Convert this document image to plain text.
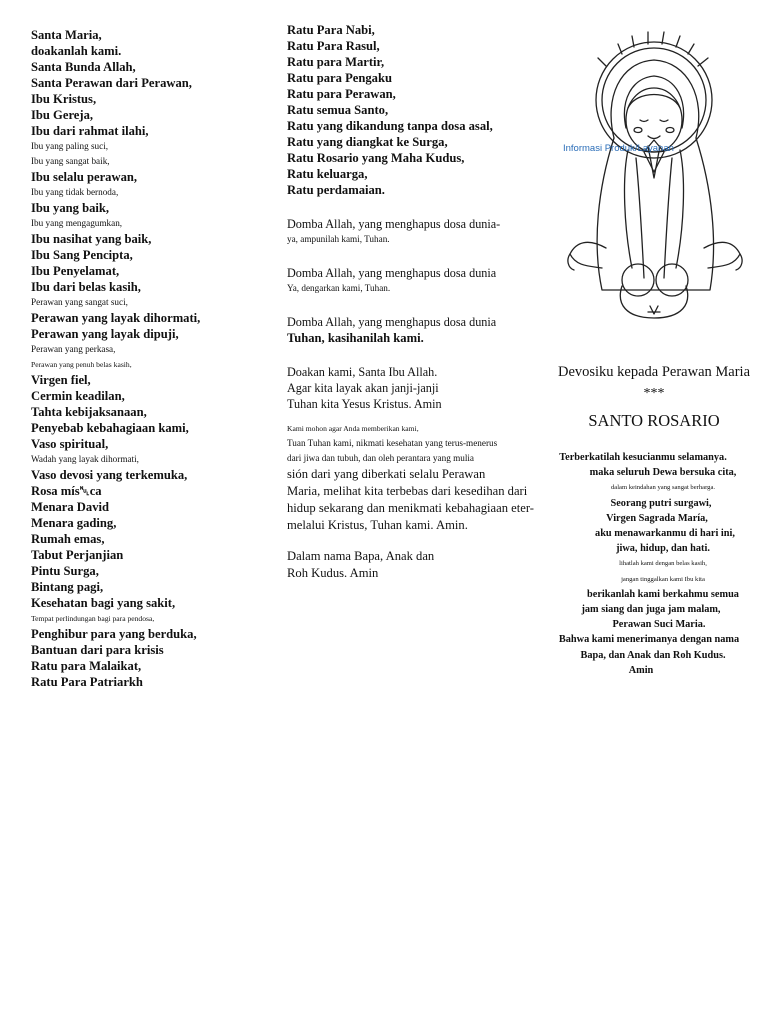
Santa Maria,
doakanlah kami.
Santa Bunda Allah,
Santa Perawan dari Perawan,
Ibu Kristus,
Ibu Gereja,
Ibu dari rahmat ilahi,
Ibu yang paling suci,
Ibu yang sangat baik,
Ibu selalu perawan,
Ibu yang tidak bernoda,
Ibu yang baik,
Ibu yang mengagumkan,
Ibu nasihat yang baik,
Ibu Sang Pencipta,
Ibu Penyelamat,
Ibu dari belas kasih,
Perawan yang sangat suci,
Perawan yang layak dihormati,
Perawan yang layak dipuji,
Perawan yang perkasa,
Perawan yang penuh belas kasih,
Virgen fiel,
Cermin keadilan,
Tahta kebijaksanaan,
Penyebab kebahagiaan kami,
Vaso spiritual,
Wadah yang layak dihormati,
Vaso devosi yang terkemuka,
Rosa mís␀ca
Menara David
Menara gading,
Rumah emas,
Tabut Perjanjian
Pintu Surga,
Bintang pagi,
Kesehatan bagi yang sakit,
Tempat perlindungan bagi para pendosa,
Penghibur para yang berduka,
Bantuan dari para krisis
Ratu para Malaikat,
Ratu Para Patriarkh
Ratu Para Nabi,
Ratu Para Rasul,
Ratu para Martir,
Ratu para Pengaku
Ratu para Perawan,
Ratu semua Santo,
Ratu yang dikandung tanpa dosa asal,
Ratu yang diangkat ke Surga,
Ratu Rosario yang Maha Kudus,
Ratu keluarga,
Ratu perdamaian.
Domba Allah, yang menghapus dosa dunia-
ya, ampunilah kami, Tuhan.
Domba Allah, yang menghapus dosa dunia
Ya, dengarkan kami, Tuhan.
Domba Allah, yang menghapus dosa dunia
Tuhan, kasihanilah kami.
Doakan kami, Santa Ibu Allah.
Agar kita layak akan janji-janji
Tuhan kita Yesus Kristus. Amin
Kami mohon agar Anda memberikan kami,
Tuan Tuhan kami, nikmati kesehatan yang terus-menerus
dari jiwa dan tubuh, dan oleh perantara yang mulia
sión dari yang diberkati selalu Perawan
Maria, melihat kita terbebas dari kesedihan dari
hidup sekarang dan menikmati kebahagiaan eter-
melalui Kristus, Tuhan kami. Amin.
Dalam nama Bapa, Anak dan
Roh Kudus. Amin
Informasi Produk/Layanan
Devosiku kepada Perawan Maria
***
SANTO ROSARIO
Terberkatilah kesucianmu selamanya.
maka seluruh Dewa bersuka cita,
dalam keindahan yang sangat berharga.
Seorang putri surgawi,
Virgen Sagrada María,
aku menawarkanmu di hari ini,
jiwa, hidup, dan hati.
lihatlah kami dengan belas kasih,
jangan tinggalkan kami Ibu kita
berikanlah kami berkahmu semua
jam siang dan juga jam malam,
Perawan Suci Maria.
Bahwa kami menerimanya dengan nama
Bapa, dan Anak dan Roh Kudus.
Amin
